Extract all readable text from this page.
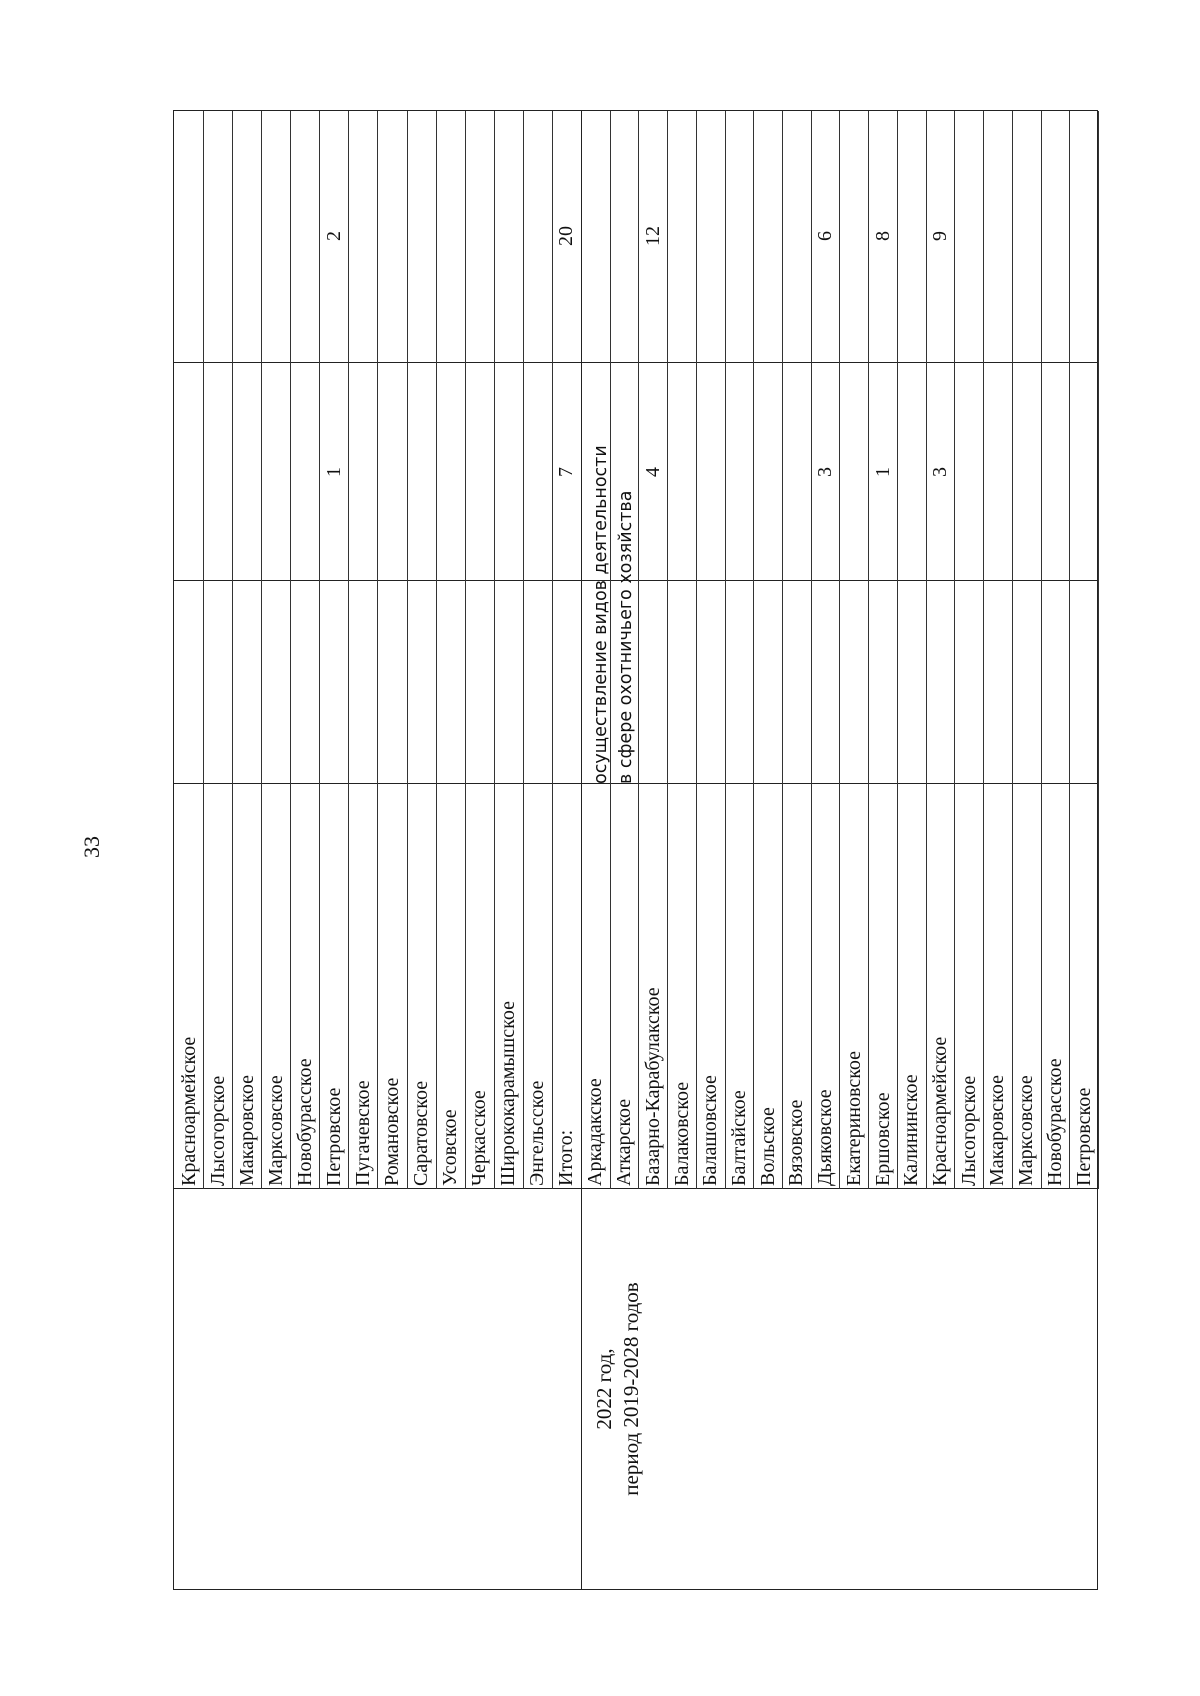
33
2022 год, период 2019-2028 годов
осуществление видов деятельности в сфере охотничьего хозяйства
Красноармейское Лысогорское Макаровское Марксовское Новобурасское Петровское
1
2
Пугачевское Романовское Саратовское Усовское Черкасское Ширококарамышское Энгельсское Итого:
7
20
Аркадакское Аткарское Базарно-Карабулакское
4
12
Балаковское Балашовское Балтайское Вольское Вязовское Дьяковское
3
6
Екатериновское Ершовское
1
8
Калининское Красноармейское
3
9
Лысогорское Макаровское Марксовское Новобурасское Петровское
